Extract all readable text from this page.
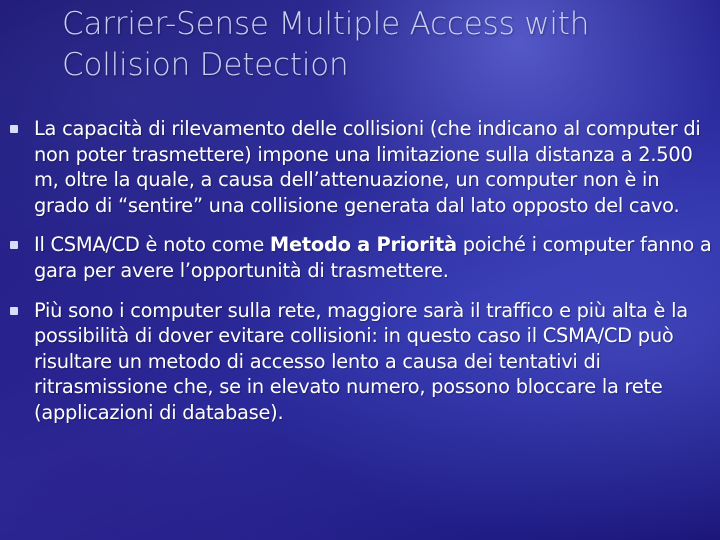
Carrier-Sense Multiple Access with
Collision Detection
La capacità di rilevamento delle collisioni (che indicano al computer di non poter trasmettere) impone una limitazione sulla distanza a 2.500 m, oltre la quale, a causa dell’attenuazione, un computer non è in grado di “sentire” una collisione generata dal lato opposto del cavo.
Il CSMA/CD è noto come Metodo a Priorità poiché i computer fanno a gara per avere l’opportunità di trasmettere.
Più sono i computer sulla rete, maggiore sarà il traffico e più alta è la possibilità di dover evitare collisioni: in questo caso il CSMA/CD può risultare un metodo di accesso lento a causa dei tentativi di ritrasmissione che, se in elevato numero, possono bloccare la rete (applicazioni di database).
